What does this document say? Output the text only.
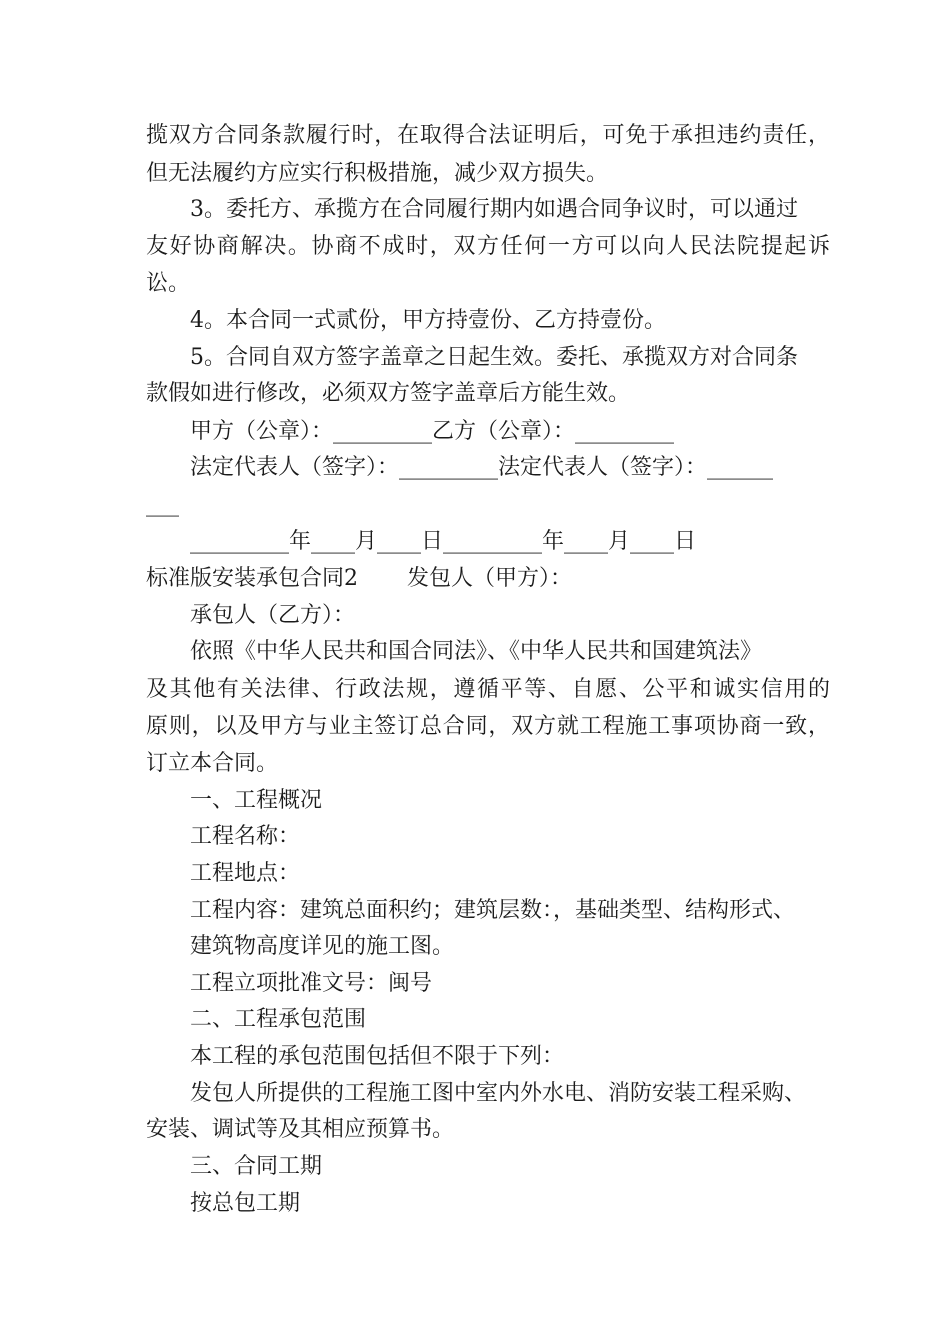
揽双方合同条款履行时，在取得合法证明后，可免于承担违约责任，
但无法履约方应实行积极措施，减少双方损失。
3。委托方、承揽方在合同履行期内如遇合同争议时，可以通过
友好协商解决。协商不成时，双方任何一方可以向人民法院提起诉
讼。
4。本合同一式贰份，甲方持壹份、乙方持壹份。
5。合同自双方签字盖章之日起生效。委托、承揽双方对合同条
款假如进行修改，必须双方签字盖章后方能生效。
甲方（公章）：_________乙方（公章）：_________
法定代表人（签字）：_________法定代表人（签字）：______
___
_________年____月____日_________年____月____日
标准版安装承包合同2       发包人（甲方）：
承包人（乙方）：
依照《中华人民共和国合同法》、《中华人民共和国建筑法》
及其他有关法律、行政法规，遵循平等、自愿、公平和诚实信用的
原则，以及甲方与业主签订总合同，双方就工程施工事项协商一致，
订立本合同。
一、工程概况
工程名称：
工程地点：
工程内容：建筑总面积约；建筑层数：，基础类型、结构形式、
建筑物高度详见的施工图。
工程立项批准文号：闽号
二、工程承包范围
本工程的承包范围包括但不限于下列：
发包人所提供的工程施工图中室内外水电、消防安装工程采购、
安装、调试等及其相应预算书。
三、合同工期
按总包工期
